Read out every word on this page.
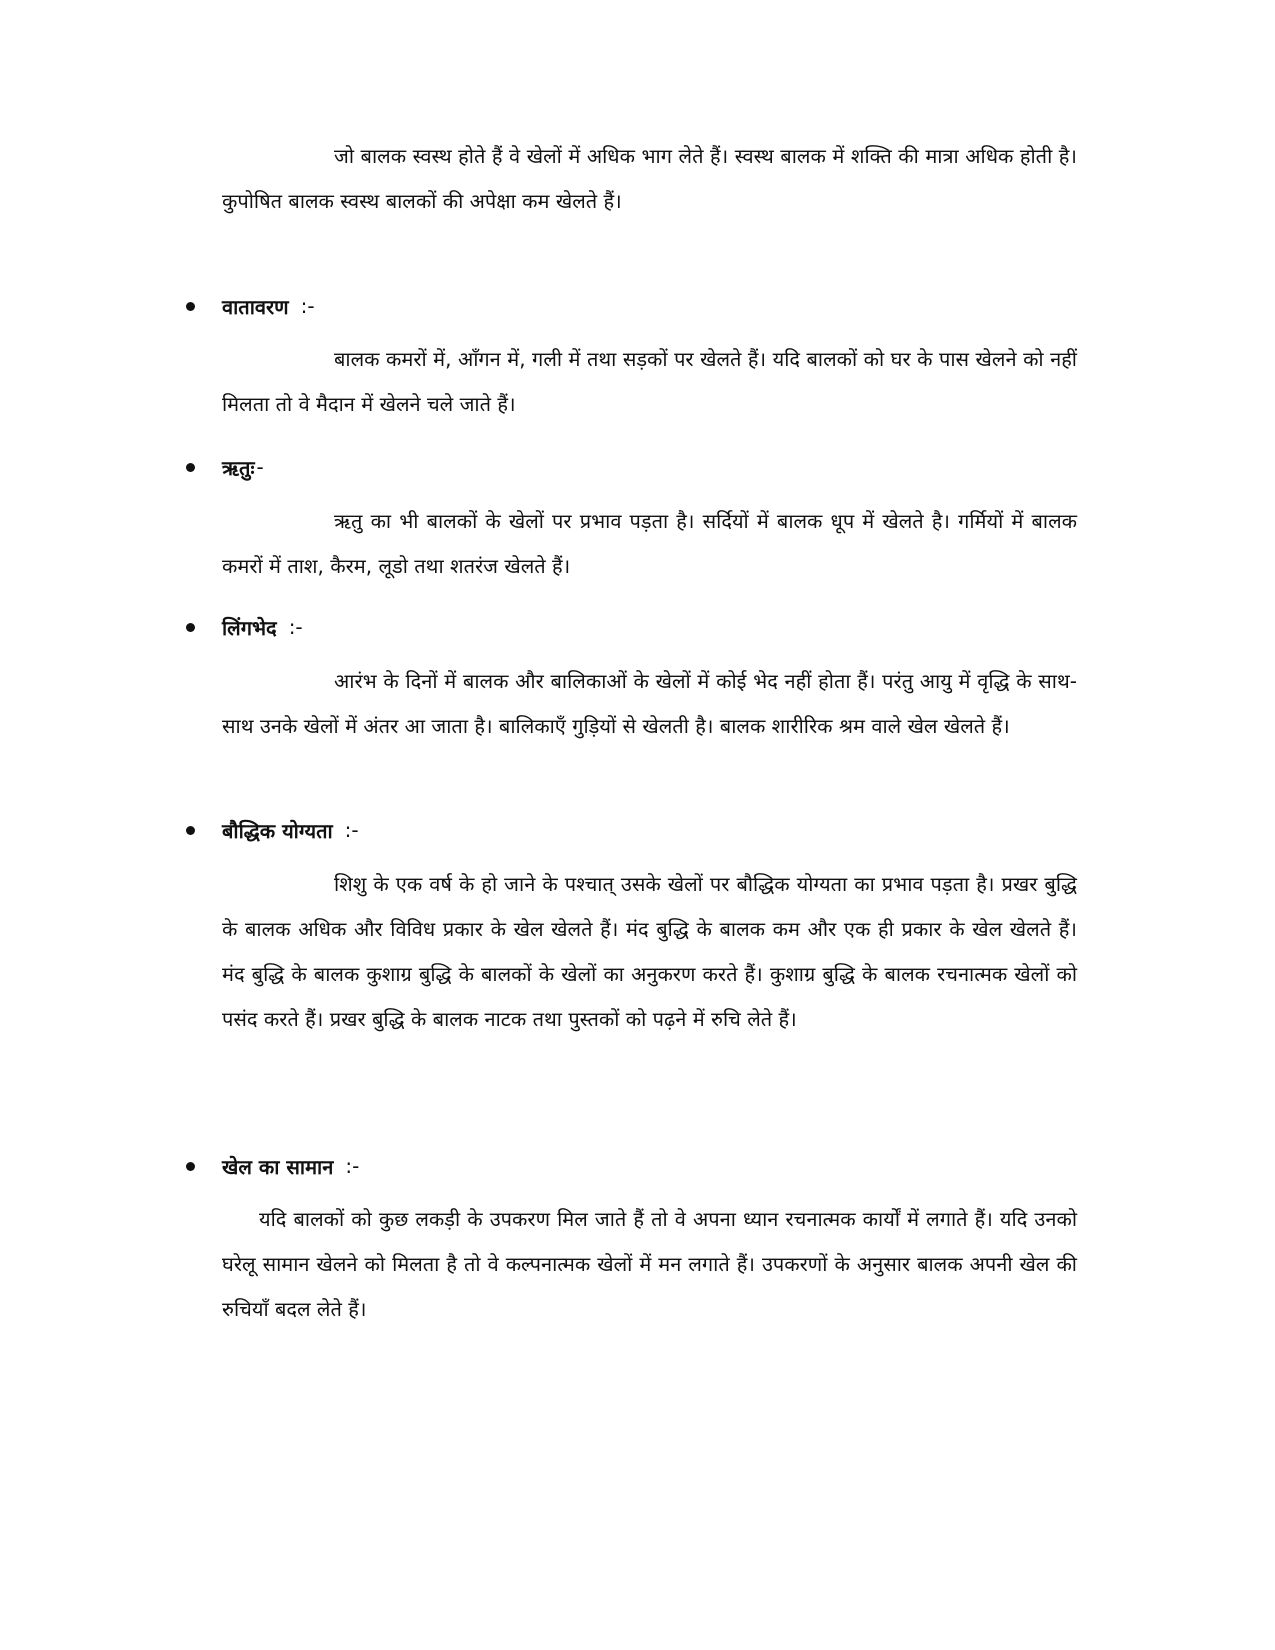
जो बालक स्वस्थ होते हैं वे खेलों में अधिक भाग लेते हैं। स्वस्थ बालक में शक्ति की मात्रा अधिक होती है। कुपोषित बालक स्वस्थ बालकों की अपेक्षा कम खेलते हैं।

वातावरण :-

बालक कमरों में, आँगन में, गली में तथा सड़कों पर खेलते हैं। यदि बालकों को घर के पास खेलने को नहीं मिलता तो वे मैदान में खेलने चले जाते हैं।

ऋतुः -

ऋतु का भी बालकों के खेलों पर प्रभाव पड़ता है। सर्दियों में बालक धूप में खेलते है। गर्मियों में बालक कमरों में ताश, कैरम, लूडो तथा शतरंज खेलते हैं।

लिंगभेद :-

आरंभ के दिनों में बालक और बालिकाओं के खेलों में कोई भेद नहीं होता हैं। परंतु आयु में वृद्धि के साथ-साथ उनके खेलों में अंतर आ जाता है। बालिकाएँ गुड़ियों से खेलती है। बालक शारीरिक श्रम वाले खेल खेलते हैं।

बौद्धिक योग्यता :-

शिशु के एक वर्ष के हो जाने के पश्चात् उसके खेलों पर बौद्धिक योग्यता का प्रभाव पड़ता है। प्रखर बुद्धि के बालक अधिक और विविध प्रकार के खेल खेलते हैं। मंद बुद्धि के बालक कम और एक ही प्रकार के खेल खेलते हैं। मंद बुद्धि के बालक कुशाग्र बुद्धि के बालकों के खेलों का अनुकरण करते हैं। कुशाग्र बुद्धि के बालक रचनात्मक खेलों को पसंद करते हैं। प्रखर बुद्धि के बालक नाटक तथा पुस्तकों को पढ़ने में रुचि लेते हैं।

खेल का सामान :-

यदि बालकों को कुछ लकड़ी के उपकरण मिल जाते हैं तो वे अपना ध्यान रचनात्मक कार्यों में लगाते हैं। यदि उनको घरेलू सामान खेलने को मिलता है तो वे कल्पनात्मक खेलों में मन लगाते हैं। उपकरणों के अनुसार बालक अपनी खेल की रुचियाँ बदल लेते हैं।
